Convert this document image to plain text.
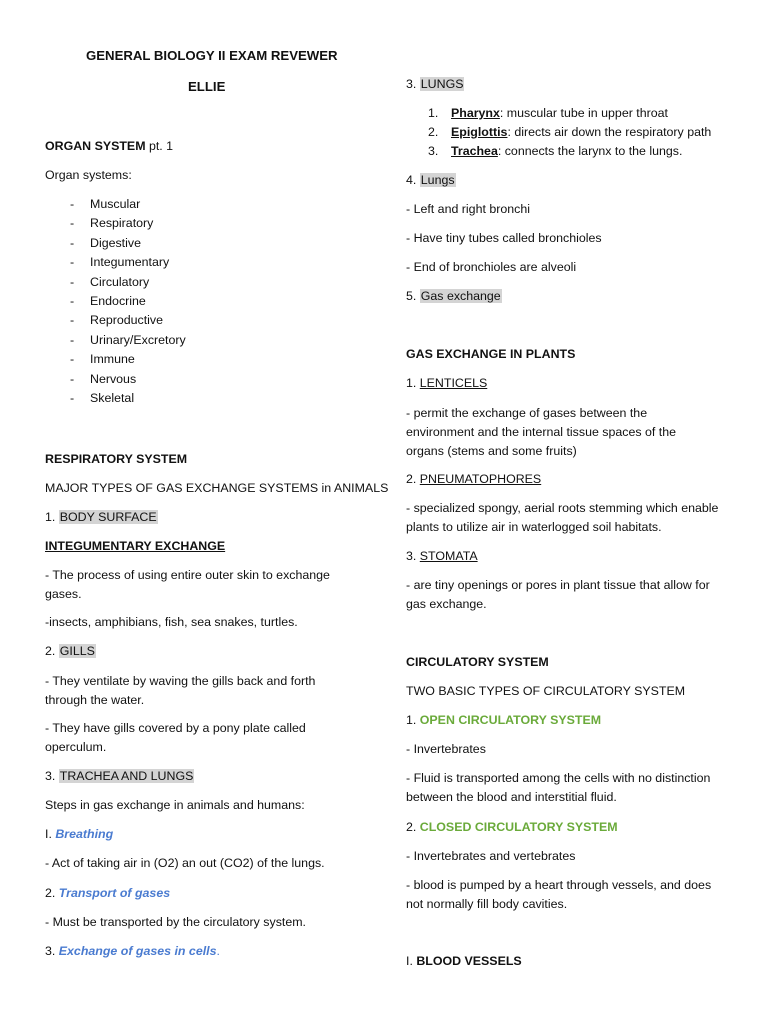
GENERAL BIOLOGY II EXAM REVEWER
ELLIE
ORGAN SYSTEM pt. 1
Organ systems:
- Muscular
- Respiratory
- Digestive
- Integumentary
- Circulatory
- Endocrine
- Reproductive
- Urinary/Excretory
- Immune
- Nervous
- Skeletal
RESPIRATORY SYSTEM
MAJOR TYPES OF GAS EXCHANGE SYSTEMS in ANIMALS
1. BODY SURFACE
INTEGUMENTARY EXCHANGE
- The process of using entire outer skin to exchange gases.
-insects, amphibians, fish, sea snakes, turtles.
2. GILLS
- They ventilate by waving the gills back and forth through the water.
- They have gills covered by a pony plate called operculum.
3. TRACHEA AND LUNGS
Steps in gas exchange in animals and humans:
I. Breathing
- Act of taking air in (O2) an out (CO2) of the lungs.
2. Transport of gases
- Must be transported by the circulatory system.
3. Exchange of gases in cells.
3. LUNGS
1. Pharynx: muscular tube in upper throat
2. Epiglottis: directs air down the respiratory path
3. Trachea: connects the larynx to the lungs.
4. Lungs
- Left and right bronchi
- Have tiny tubes called bronchioles
- End of bronchioles are alveoli
5. Gas exchange
GAS EXCHANGE IN PLANTS
1. LENTICELS
- permit the exchange of gases between the environment and the internal tissue spaces of the organs (stems and some fruits)
2. PNEUMATOPHORES
- specialized spongy, aerial roots stemming which enable plants to utilize air in waterlogged soil habitats.
3. STOMATA
- are tiny openings or pores in plant tissue that allow for gas exchange.
CIRCULATORY SYSTEM
TWO BASIC TYPES OF CIRCULATORY SYSTEM
1. OPEN CIRCULATORY SYSTEM
- Invertebrates
- Fluid is transported among the cells with no distinction between the blood and interstitial fluid.
2. CLOSED CIRCULATORY SYSTEM
- Invertebrates and vertebrates
- blood is pumped by a heart through vessels, and does not normally fill body cavities.
I. BLOOD VESSELS
